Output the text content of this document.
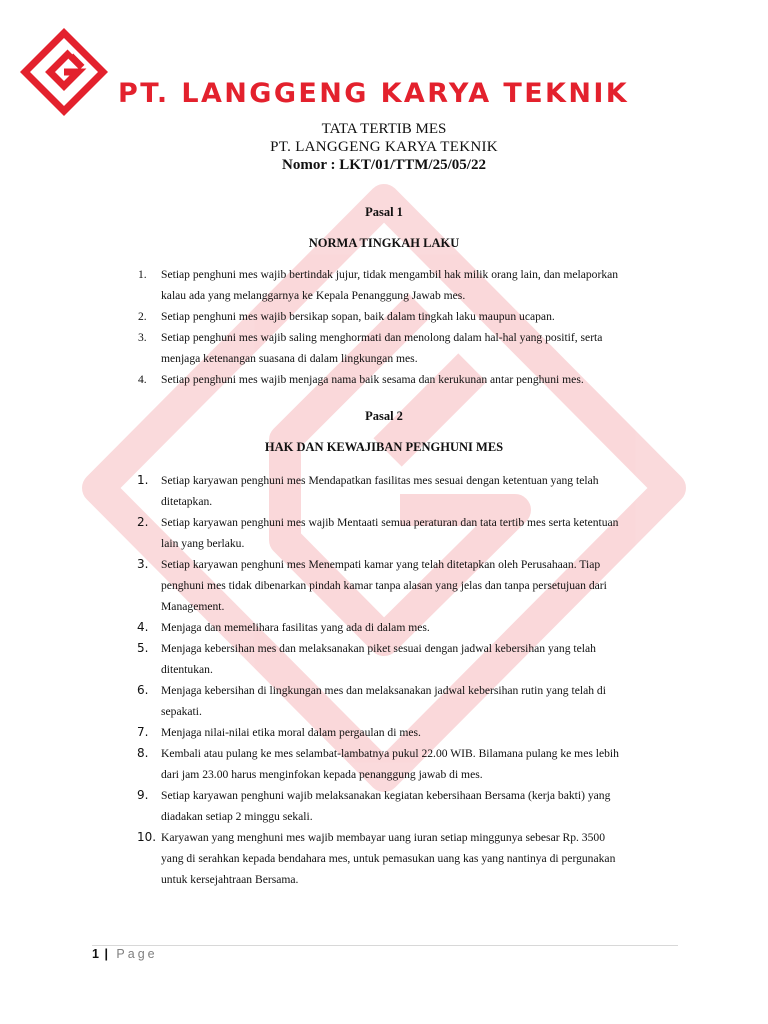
PT. LANGGENG KARYA TEKNIK
TATA TERTIB MES
PT. LANGGENG KARYA TEKNIK
Nomor : LKT/01/TTM/25/05/22
Pasal 1
NORMA TINGKAH LAKU
1. Setiap penghuni mes wajib bertindak jujur, tidak mengambil hak milik orang lain, dan melaporkan
kalau ada yang melanggarnya ke Kepala Penanggung Jawab mes.
2. Setiap penghuni mes wajib bersikap sopan, baik dalam tingkah laku maupun ucapan.
3. Setiap penghuni mes wajib saling menghormati dan menolong dalam hal-hal yang positif, serta
menjaga ketenangan suasana di dalam lingkungan mes.
4. Setiap penghuni mes wajib menjaga nama baik sesama dan kerukunan antar penghuni mes.
Pasal 2
HAK DAN KEWAJIBAN PENGHUNI MES
1. Setiap karyawan penghuni mes Mendapatkan fasilitas mes sesuai dengan ketentuan yang telah
ditetapkan.
2. Setiap karyawan penghuni mes wajib Mentaati semua peraturan dan tata tertib mes serta ketentuan
lain yang berlaku.
3. Setiap karyawan penghuni mes Menempati kamar yang telah ditetapkan oleh Perusahaan. Tiap
penghuni mes tidak dibenarkan pindah kamar tanpa alasan yang jelas dan tanpa persetujuan dari
Management.
4. Menjaga dan memelihara fasilitas yang ada di dalam mes.
5. Menjaga kebersihan mes dan melaksanakan piket sesuai dengan jadwal kebersihan yang telah
ditentukan.
6. Menjaga kebersihan di lingkungan mes dan melaksanakan jadwal kebersihan rutin yang telah di
sepakati.
7. Menjaga nilai-nilai etika moral dalam pergaulan di mes.
8. Kembali atau pulang ke mes selambat-lambatnya pukul 22.00 WIB. Bilamana pulang ke mes lebih
dari jam 23.00 harus menginfokan kepada penanggung jawab di mes.
9. Setiap karyawan penghuni wajib melaksanakan kegiatan kebersihaan Bersama (kerja bakti) yang
diadakan setiap 2 minggu sekali.
10. Karyawan yang menghuni mes wajib membayar uang iuran setiap minggunya sebesar Rp. 3500
yang di serahkan kepada bendahara mes, untuk pemasukan uang kas yang nantinya di pergunakan
untuk kersejahtraan Bersama.
1 | Page
